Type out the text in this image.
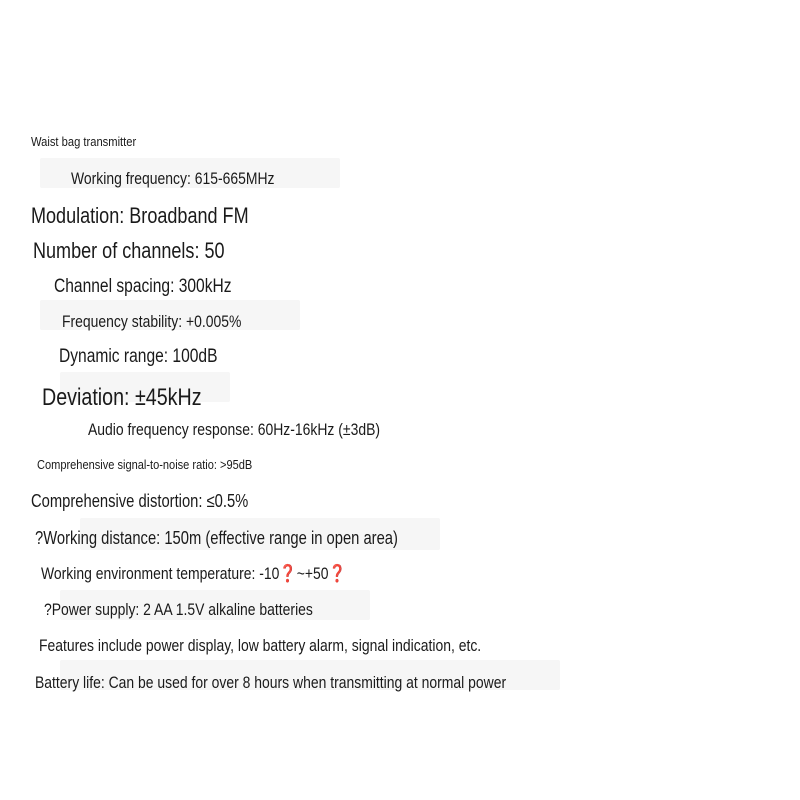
Waist bag transmitter
Working frequency: 615-665MHz
Modulation: Broadband FM
Number of channels: 50
Channel spacing: 300kHz
Frequency stability: +0.005%
Dynamic range: 100dB
Deviation: ±45kHz
Audio frequency response: 60Hz-16kHz (±3dB)
Comprehensive signal-to-noise ratio: >95dB
Comprehensive distortion: ≤0.5%
?Working distance: 150m (effective range in open area)
Working environment temperature: -10❓~+50❓
?Power supply: 2 AA 1.5V alkaline batteries
Features include power display, low battery alarm, signal indication, etc.
Battery life: Can be used for over 8 hours when transmitting at normal power
